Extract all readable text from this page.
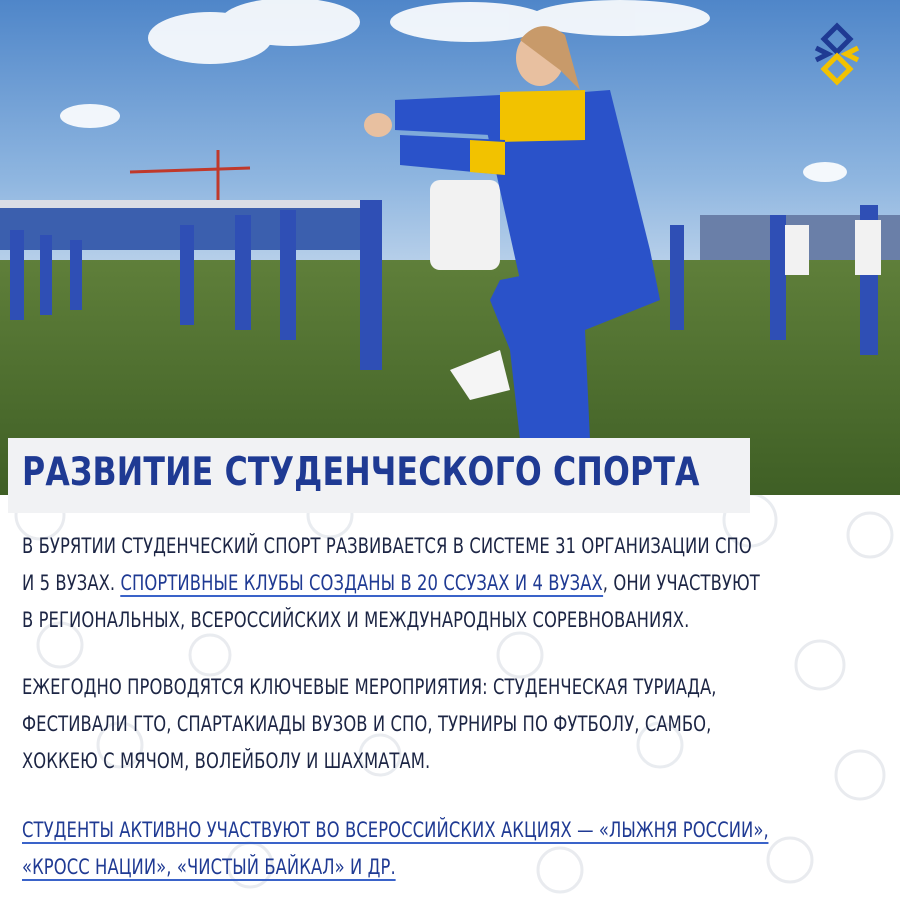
РАЗВИТИЕ СТУДЕНЧЕСКОГО СПОРТА
В БУРЯТИИ СТУДЕНЧЕСКИЙ СПОРТ РАЗВИВАЕТСЯ В СИСТЕМЕ 31 ОРГАНИЗАЦИИ СПО
И 5 ВУЗАХ. СПОРТИВНЫЕ КЛУБЫ СОЗДАНЫ В 20 ССУЗАХ И 4 ВУЗАХ, ОНИ УЧАСТВУЮТ
В РЕГИОНАЛЬНЫХ, ВСЕРОССИЙСКИХ И МЕЖДУНАРОДНЫХ СОРЕВНОВАНИЯХ.
ЕЖЕГОДНО ПРОВОДЯТСЯ КЛЮЧЕВЫЕ МЕРОПРИЯТИЯ: СТУДЕНЧЕСКАЯ ТУРИАДА,
ФЕСТИВАЛИ ГТО, СПАРТАКИАДЫ ВУЗОВ И СПО, ТУРНИРЫ ПО ФУТБОЛУ, САМБО,
ХОККЕЮ С МЯЧОМ, ВОЛЕЙБОЛУ И ШАХМАТАМ.
СТУДЕНТЫ АКТИВНО УЧАСТВУЮТ ВО ВСЕРОССИЙСКИХ АКЦИЯХ — «ЛЫЖНЯ РОССИИ»,
«КРОСС НАЦИИ», «ЧИСТЫЙ БАЙКАЛ» И ДР.
